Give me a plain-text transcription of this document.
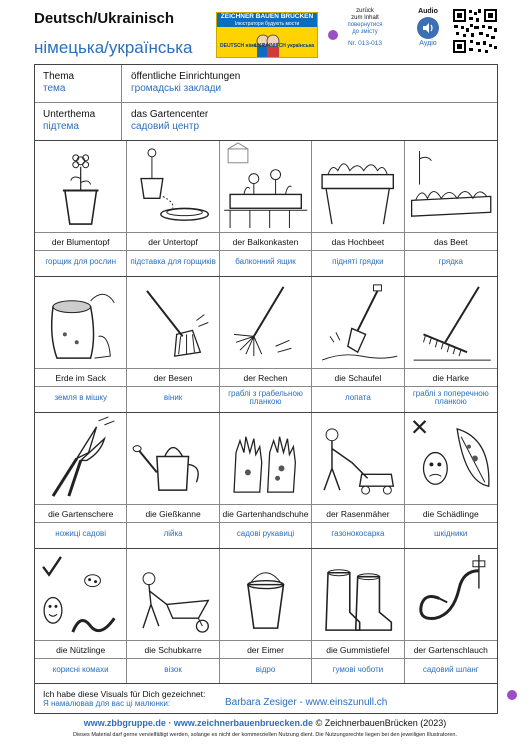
Deutsch/Ukrainisch
німецька/українська
ZEICHNER BAUEN BRÜCKEN
Ілюстратори будують мости
DEUTSCH німецька
UKRAINISCH українська
zurück
zum Inhalt
повернутися
до змісту
Nr. 013-013
Audio
Аудіо
Thema
тема
öffentliche Einrichtungen
громадські заклади
Unterthema
підтема
das Gartencenter
садовий центр
der Blumentopf
горщик для рослин
der Untertopf
підставка для горщиків
der Balkonkasten
балконний ящик
das Hochbeet
підняті грядки
das Beet
грядка
Erde im Sack
земля в мішку
der Besen
віник
der Rechen
граблі з грабельною планкою
die Schaufel
лопата
die Harke
граблі з поперечною планкою
die Gartenschere
ножиці садові
die Gießkanne
лійка
die Gartenhandschuhe
садові рукавиці
der Rasenmäher
газонокосарка
die Schädlinge
шкідники
die Nützlinge
корисні комахи
die Schubkarre
візок
der Eimer
відро
die Gummistiefel
гумові чоботи
der Gartenschlauch
садовий шланг
Ich habe diese Visuals für Dich gezeichnet:
Я намалював для вас ці малюнки:	Barbara Zesiger - www.einszunull.ch
www.zbbgruppe.de · www.zeichnerbauenbruecken.de © ZeichnerbauenBrücken (2023)
Dieses Material darf gerne vervielfältigt werden, solange es nicht der kommerziellen Nutzung dient. Die Nutzungsrechte liegen bei den jeweiligen Illustratoren.
